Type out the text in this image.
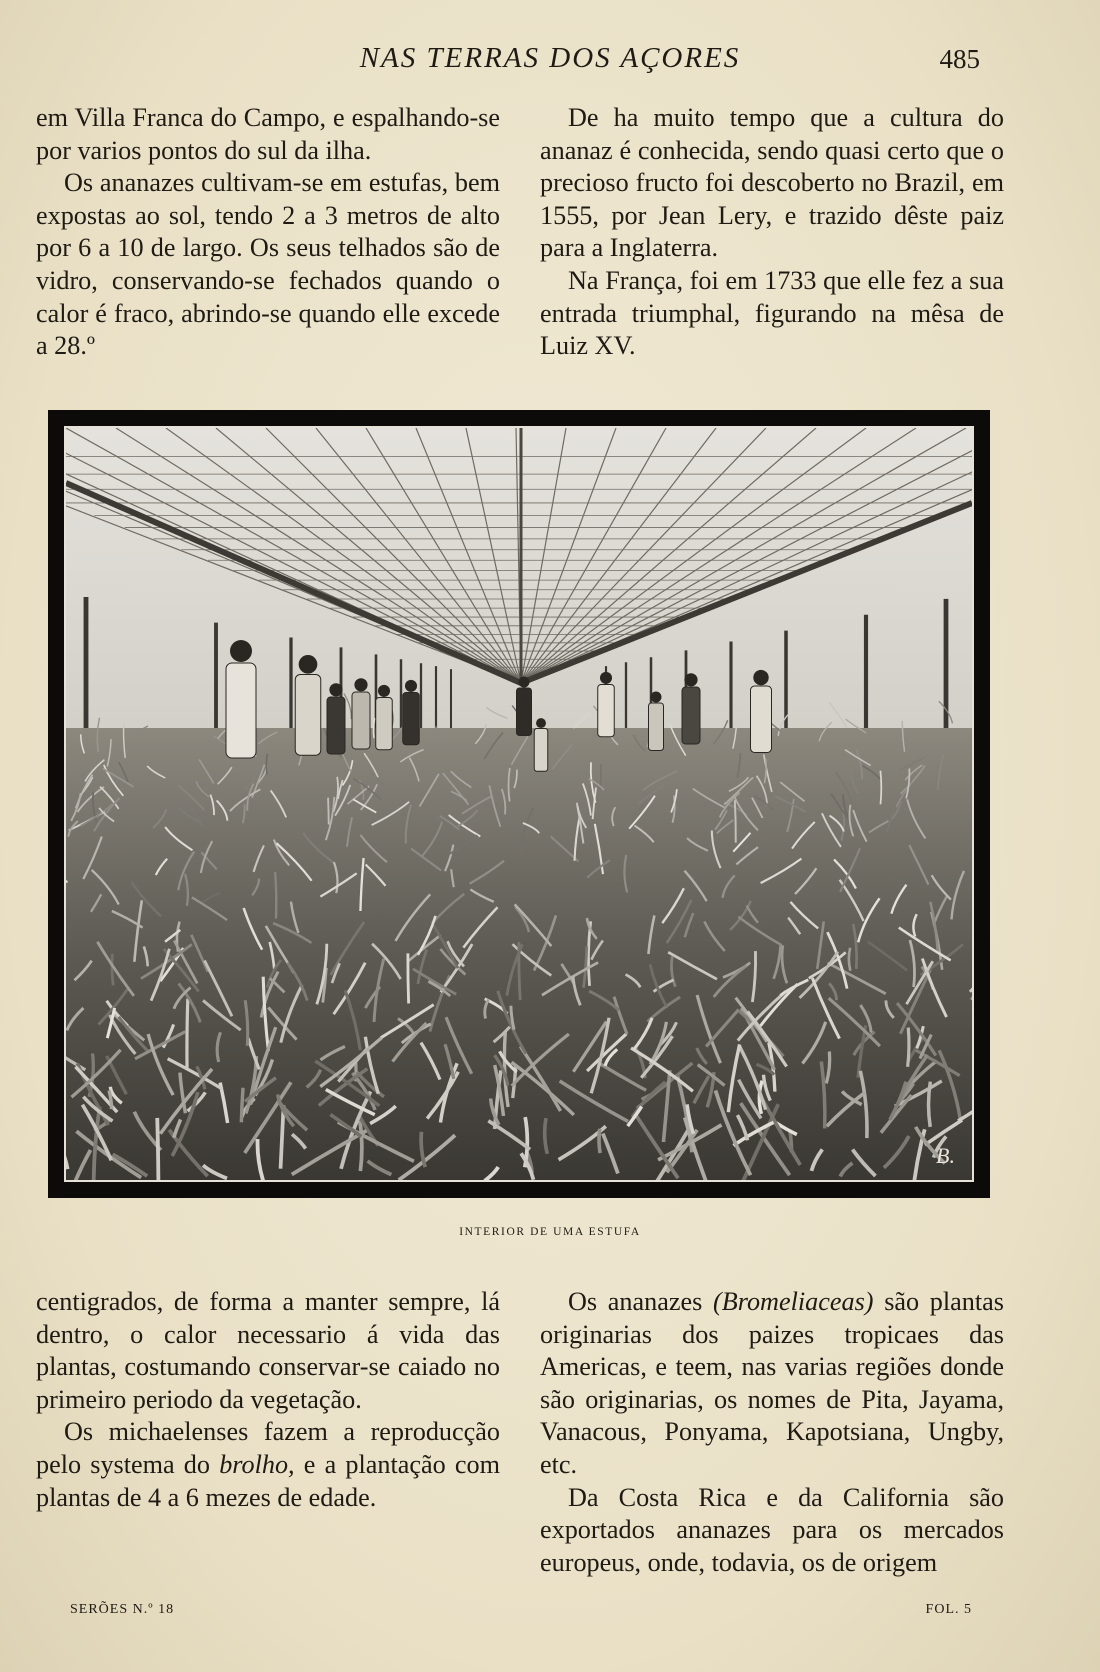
NAS TERRAS DOS AÇORES	485

em Villa Franca do Campo, e espalhando-se por varios pontos do sul da ilha.

Os ananazes cultivam-se em estufas, bem expostas ao sol, tendo 2 a 3 metros de alto por 6 a 10 de largo. Os seus telhados são de vidro, conservando-se fechados quando o calor é fraco, abrindo-se quando elle excede a 28.º

De ha muito tempo que a cultura do ananaz é conhecida, sendo quasi certo que o precioso fructo foi descoberto no Brazil, em 1555, por Jean Lery, e trazido dêste paiz para a Inglaterra.

Na França, foi em 1733 que elle fez a sua entrada triumphal, figurando na mêsa de Luiz XV.

B.
INTERIOR DE UMA ESTUFA

centigrados, de forma a manter sempre, lá dentro, o calor necessario á vida das plantas, costumando conservar-se caiado no primeiro periodo da vegetação.

Os michaelenses fazem a reproducção pelo systema do brolho, e a plantação com plantas de 4 a 6 mezes de edade.

Os ananazes (Bromeliaceas) são plantas originarias dos paizes tropicaes das Americas, e teem, nas varias regiões donde são originarias, os nomes de Pita, Jayama, Vanacous, Ponyama, Kapotsiana, Ungby, etc.

Da Costa Rica e da California são exportados ananazes para os mercados europeus, onde, todavia, os de origem

SERÕES N.º 18	FOL. 5
